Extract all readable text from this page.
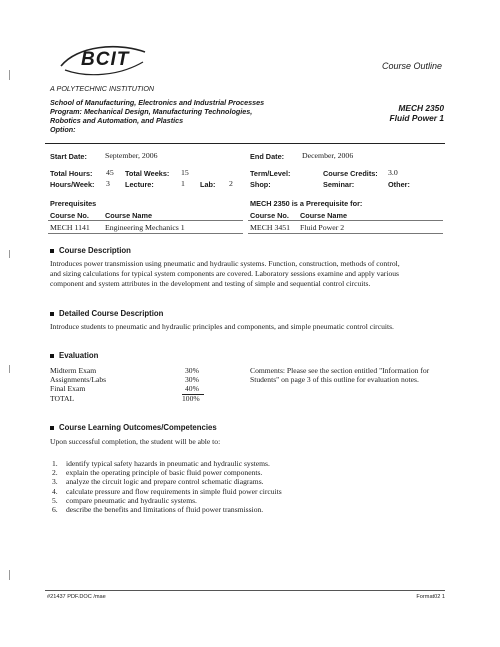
BCIT
A POLYTECHNIC INSTITUTION
Course Outline
School of Manufacturing, Electronics and Industrial Processes
Program: Mechanical Design, Manufacturing Technologies,
Robotics and Automation, and Plastics
Option:
MECH 2350
Fluid Power 1
Start Date: September, 2006	End Date: December, 2006
Total Hours: 45 Total Weeks: 15	Term/Level:	Course Credits: 3.0
Hours/Week: 3 Lecture:	1 Lab: 2 Shop:	Seminar:	Other:
Prerequisites	MECH 2350 is a Prerequisite for:
Course No. Course Name	Course No. Course Name
MECH 1141 Engineering Mechanics 1	MECH 3451 Fluid Power 2
Course Description
Introduces power transmission using pneumatic and hydraulic systems. Function, construction, methods of control,
and sizing calculations for typical system components are covered. Laboratory sessions examine and apply various
component and system attributes in the development and testing of simple and sequential control circuits.
Detailed Course Description
Introduce students to pneumatic and hydraulic principles and components, and simple pneumatic control circuits.
Evaluation
Midterm Exam	30%
Assignments/Labs	30%
Final Exam	40%
TOTAL	100%
Comments: Please see the section entitled "Information for
Students" on page 3 of this outline for evaluation notes.
Course Learning Outcomes/Competencies
Upon successful completion, the student will be able to:
1. identify typical safety hazards in pneumatic and hydraulic systems.
2. explain the operating principle of basic fluid power components.
3. analyze the circuit logic and prepare control schematic diagrams.
4. calculate pressure and flow requirements in simple fluid power circuits
5. compare pneumatic and hydraulic systems.
6. describe the benefits and limitations of fluid power transmission.
#21437 PDF.DOC /mae	Format02 1
